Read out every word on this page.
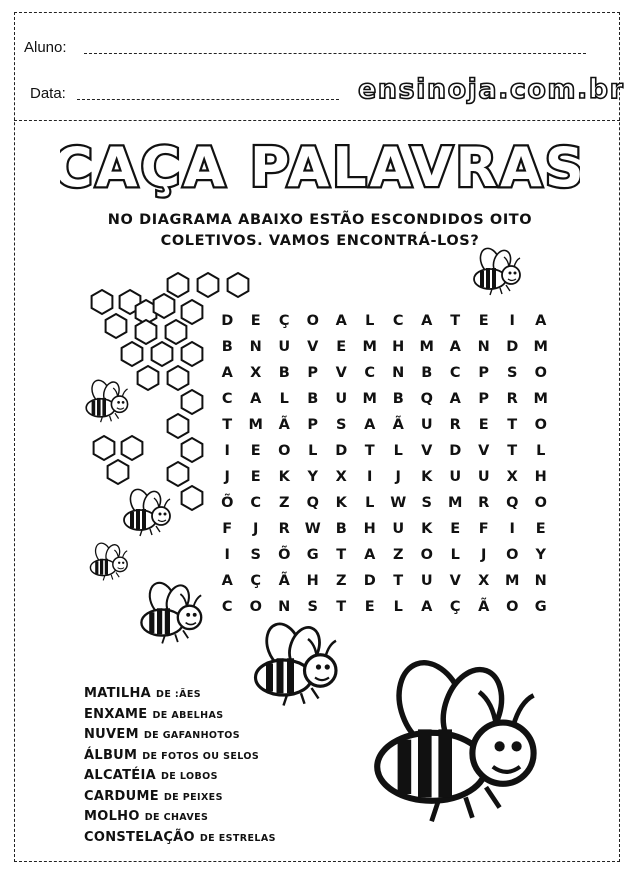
Aluno:
Data:	ensinoja.com.br
CAÇA PALAVRAS
NO DIAGRAMA ABAIXO ESTÃO ESCONDIDOS OITO
COLETIVOS. VAMOS ENCONTRÁ-LOS?
D	E	Ç	O	A	L	C	A	T	E	I	A
B	N	U	V	E	M	H	M	A	N	D	M
A	X	B	P	V	C	N	B	C	P	S	O
C	A	L	B	U	M	B	Q	A	P	R	M
T	M	Ã	P	S	A	Ã	U	R	E	T	O
I	E	O	L	D	T	L	V	D	V	T	L
J	E	K	Y	X	I	J	K	U	U	X	H
Õ	C	Z	Q	K	L	W	S	M	R	Q	O
F	J	R	W	B	H	U	K	E	F	I	E
I	S	Õ	G	T	A	Z	O	L	J	O	Y
A	Ç	Ã	H	Z	D	T	U	V	X	M	N
C	O	N	S	T	E	L	A	Ç	Ã	O	G
MATILHA DE :ÃES
ENXAME DE ABELHAS
NUVEM DE GAFANHOTOS
ÁLBUM DE FOTOS OU SELOS
ALCATÉIA DE LOBOS
CARDUME DE PEIXES
MOLHO DE CHAVES
CONSTELAÇÃO DE ESTRELAS
